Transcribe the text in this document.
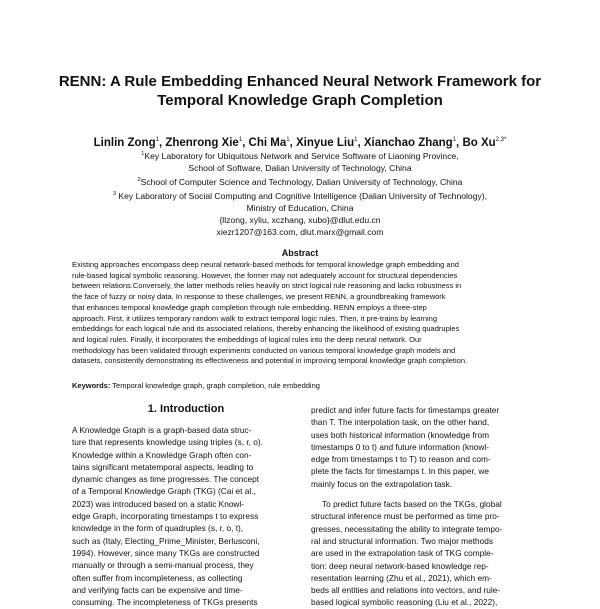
RENN: A Rule Embedding Enhanced Neural Network Framework for
Temporal Knowledge Graph Completion
Linlin Zong$^1$, Zhenrong Xie$^1$, Chi Ma$^1$, Xinyue Liu$^1$, Xianchao Zhang$^1$, Bo $Xu^{2,3*}$
$^1$Key Laboratory for Ubiquitous Network and Service Software of Liaoning Province,
School of Software, Dalian University of Technology, China
$^2$School of Computer Science and Technology, Dalian University of Technology, China
$^3$ Key Laboratory of Social Computing and Cognitive Intelligence (Dalian University of Technology),
Ministry of Education, China
{llzong, xyliu, xczhang, xubo}@dlut.edu.cn
xiezr1207@163.com, dlut.marx@gmail.com
Abstract
Existing approaches encompass deep neural network-based methods for temporal knowledge graph embedding and
rule-based logical symbolic reasoning. However, the former may not adequately account for structural dependencies
between relations.Conversely, the latter methods relies heavily on strict logical rule reasoning and lacks robustness in
the face of fuzzy or noisy data. In response to these challenges, we present RENN, a groundbreaking framework
that enhances temporal knowledge graph completion through rule embedding. RENN employs a three-step
approach. First, it utilizes temporary random walk to extract temporal logic rules. Then, it pre-trains by learning
embeddings for each logical rule and its associated relations, thereby enhancing the likelihood of existing quadruples
and logical rules. Finally, it incorporates the embeddings of logical rules into the deep neural network. Our
methodology has been validated through experiments conducted on various temporal knowledge graph models and
datasets, consistently demonstrating its effectiveness and potential in improving temporal knowledge graph completion.
Keywords: Temporal knowledge graph, graph completion, rule embedding
1. Introduction
A Knowledge Graph is a graph-based data struc-
ture that represents knowledge using triples (s, r, o).
Knowledge within a Knowledge Graph often con-
tains significant metatemporal aspects, leading to
dynamic changes as time progresses. The concept
of a Temporal Knowledge Graph (TKG) (Cai et al.,
2023) was introduced based on a static Knowl-
edge Graph, incorporating timestamps t to express
knowledge in the form of quadruples (s, r, o, t),
such as (Italy, Electing_Prime_Minister, Berlusconi,
1994). However, since many TKGs are constructed
manually or through a semi-manual process, they
often suffer from incompleteness, as collecting
and verifying facts can be expensive and time-
consuming. The incompleteness of TKGs presents
predict and infer future facts for timestamps greater
than T. The interpolation task, on the other hand,
uses both historical information (knowledge from
timestamps 0 to t) and future information (knowl-
edge from timestamps t to T) to reason and com-
plete the facts for timestamps t. In this paper, we
mainly focus on the extrapolation task.
To predict future facts based on the TKGs, global
structural inference must be performed as time pro-
gresses, necessitating the ability to integrate tempo-
ral and structural information. Two major methods
are used in the extrapolation task of TKG comple-
tion: deep neural network-based knowledge rep-
resentation learning (Zhu et al., 2021), which em-
beds all entities and relations into vectors, and rule-
based logical symbolic reasoning (Liu et al., 2022),
